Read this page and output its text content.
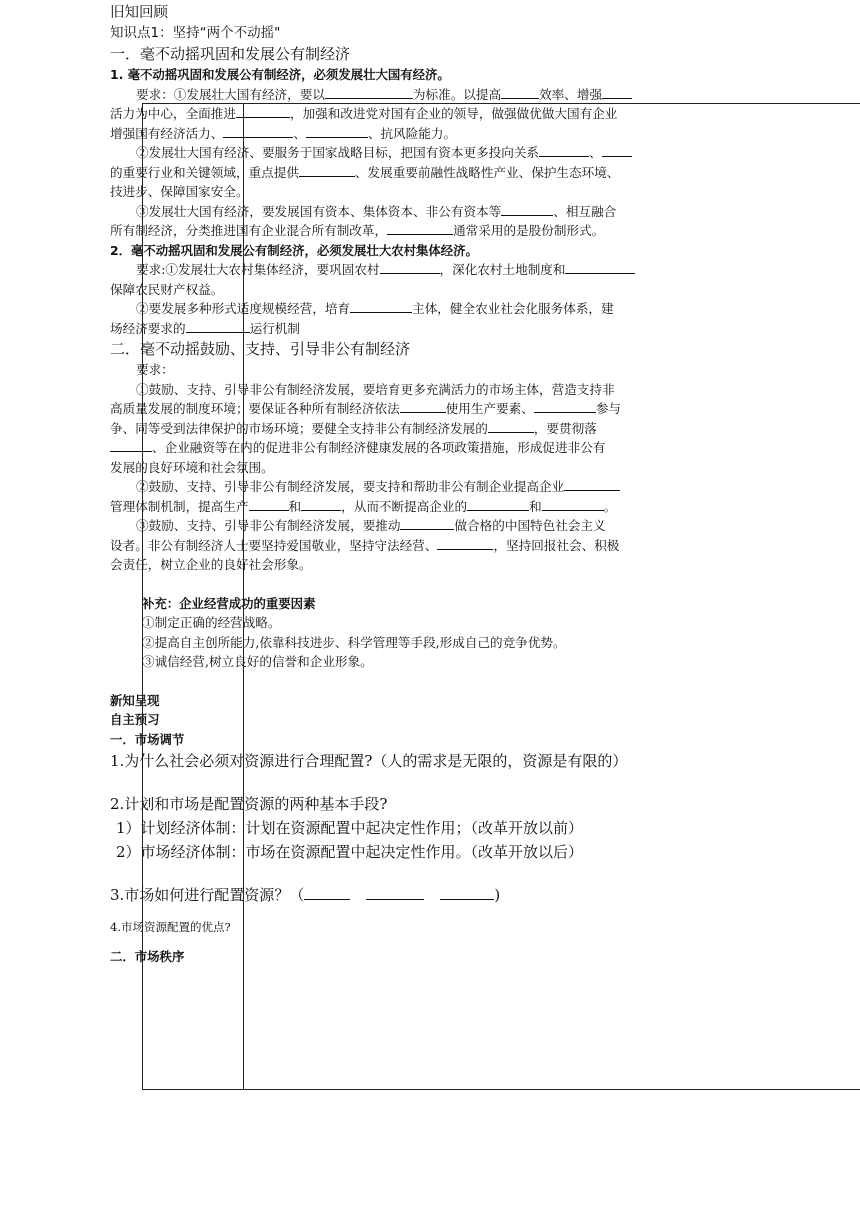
旧知回顾
知识点1：坚持“两个不动摇"
一．毫不动摇巩固和发展公有制经济
1. 毫不动摇巩固和发展公有制经济，必须发展壮大国有经济。
要求：①发展壮大国有经济，要以	为标准。以提高	效率、增强
活力为中心，全面推进	，加强和改进党对国有企业的领导，做强做优做大国有企业
增强国有经济活力、	、	、抗风险能力。
②发展壮大国有经济、要服务于国家战略目标，把国有资本更多投向关系	、
的重要行业和关键领域，重点提供	、发展重要前融性战略性产业、保护生态环境、
技进步、保障国家安全。
③发展壮大国有经济，要发展国有资本、集体资本、非公有资本等	、相互融合
所有制经济，分类推进国有企业混合所有制改革，	通常采用的是股份制形式。
2．毫不动摇巩固和发展公有制经济，必须发展壮大农村集体经济。
要求:①发展壮大农村集体经济，要巩固农村	，深化农村土地制度和
保障农民财产权益。
②要发展多种形式适度规模经营，培育	主体，健全农业社会化服务体系，建
场经济要求的	运行机制
二．毫不动摇鼓励、支持、引导非公有制经济
要求：
①鼓励、支持、引导非公有制经济发展，要培育更多充满活力的市场主体，营造支持非
高质量发展的制度环境；要保证各种所有制经济依法	使用生产要素、	参与
争、同等受到法律保护的市场环境；要健全支持非公有制经济发展的	，要贯彻落
、企业融资等在内的促进非公有制经济健康发展的各项政策措施，形成促进非公有
发展的良好环境和社会氛围。
②鼓励、支持、引导非公有制经济发展，要支持和帮助非公有制企业提高企业
管理体制机制，提高生产	和	，从而不断提高企业的	和	。
③鼓励、支持、引导非公有制经济发展，要推动	做合格的中国特色社会主义
设者。非公有制经济人士要坚持爱国敬业，坚持守法经营、	，坚持回报社会、积极
会责任，树立企业的良好社会形象。
补充：企业经营成功的重要因素
①制定正确的经营战略。
②提高自主创所能力,依靠科技进步、科学管理等手段,形成自己的竞争优势。
③诚信经营,树立良好的信誉和企业形象。
新知呈现
自主预习
一．市场调节
1.为什么社会必须对资源进行合理配置?（人的需求是无限的，资源是有限的）
2.计划和市场是配置资源的两种基本手段?
1）计划经济体制：计划在资源配置中起决定性作用；（改革开放以前）
2）市场经济体制：市场在资源配置中起决定性作用。（改革开放以后）
3.市场如何进行配置资源？（	)
4.市场资源配置的优点?
二．市场秩序
